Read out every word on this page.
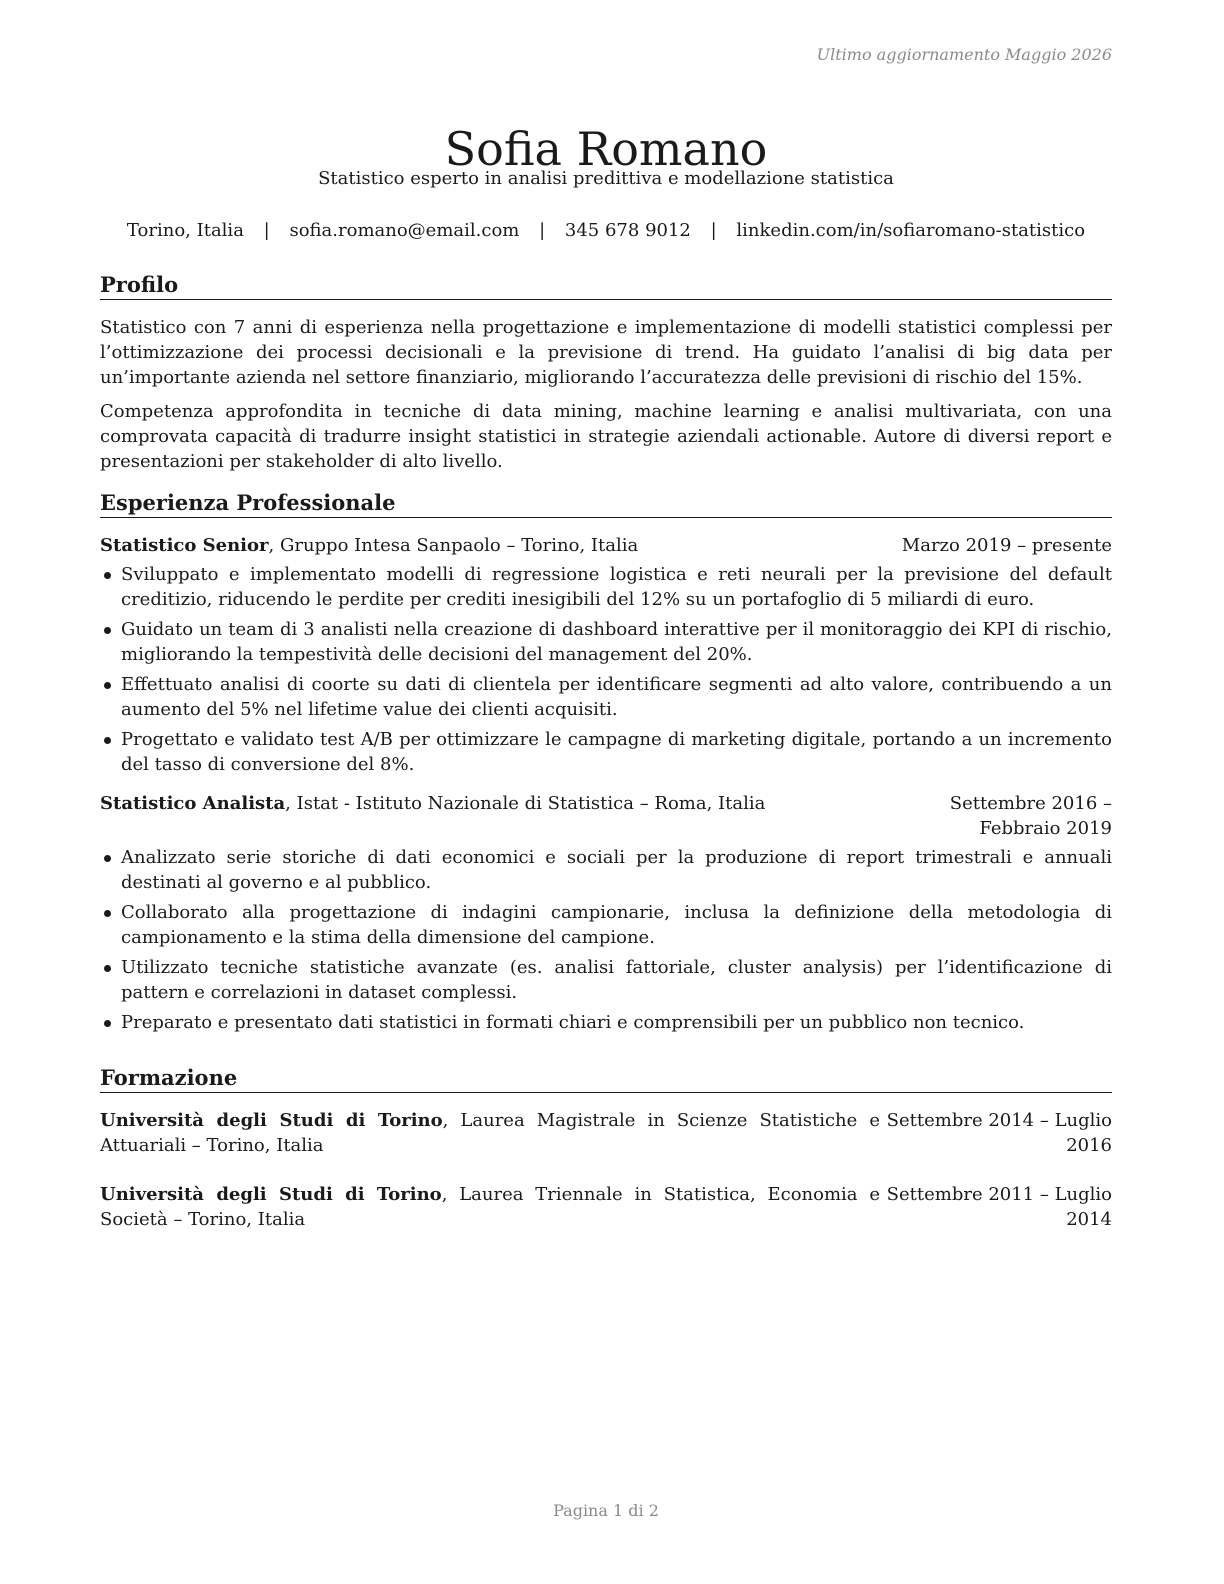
Ultimo aggiornamento Maggio 2026
Sofia Romano
Statistico esperto in analisi predittiva e modellazione statistica
Torino, Italia | sofia.romano@email.com | 345 678 9012 | linkedin.com/in/sofiaromano-statistico
Profilo

Statistico con 7 anni di esperienza nella progettazione e implementazione di modelli statistici complessi per l’ottimizzazione dei processi decisionali e la previsione di trend. Ha guidato l’analisi di big data per un’importante azienda nel settore finanziario, migliorando l’accuratezza delle previsioni di rischio del 15%.

Competenza approfondita in tecniche di data mining, machine learning e analisi multivariata, con una comprovata capacità di tradurre insight statistici in strategie aziendali actionable. Autore di diversi report e presentazioni per stakeholder di alto livello.

Esperienza Professionale
Statistico Senior, Gruppo Intesa Sanpaolo – Torino, Italia	Marzo 2019 – presente
Sviluppato e implementato modelli di regressione logistica e reti neurali per la previsione del default creditizio, riducendo le perdite per crediti inesigibili del 12% su un portafoglio di 5 miliardi di euro.
Guidato un team di 3 analisti nella creazione di dashboard interattive per il monitoraggio dei KPI di rischio, migliorando la tempestività delle decisioni del management del 20%.
Effettuato analisi di coorte su dati di clientela per identificare segmenti ad alto valore, contribuendo a un aumento del 5% nel lifetime value dei clienti acquisiti.
Progettato e validato test A/B per ottimizzare le campagne di marketing digitale, portando a un incremento del tasso di conversione del 8%.
Statistico Analista, Istat - Istituto Nazionale di Statistica – Roma, Italia	Settembre 2016 – Febbraio 2019
Analizzato serie storiche di dati economici e sociali per la produzione di report trimestrali e annuali destinati al governo e al pubblico.
Collaborato alla progettazione di indagini campionarie, inclusa la definizione della metodologia di campionamento e la stima della dimensione del campione.
Utilizzato tecniche statistiche avanzate (es. analisi fattoriale, cluster analysis) per l’identificazione di pattern e correlazioni in dataset complessi.
Preparato e presentato dati statistici in formati chiari e comprensibili per un pubblico non tecnico.
Formazione
Università degli Studi di Torino, Laurea Magistrale in Scienze Statistiche e Attuariali – Torino, Italia
Settembre 2014 – Luglio 2016
Università degli Studi di Torino, Laurea Triennale in Statistica, Economia e Società – Torino, Italia
Settembre 2011 – Luglio 2014
Pagina 1 di 2
